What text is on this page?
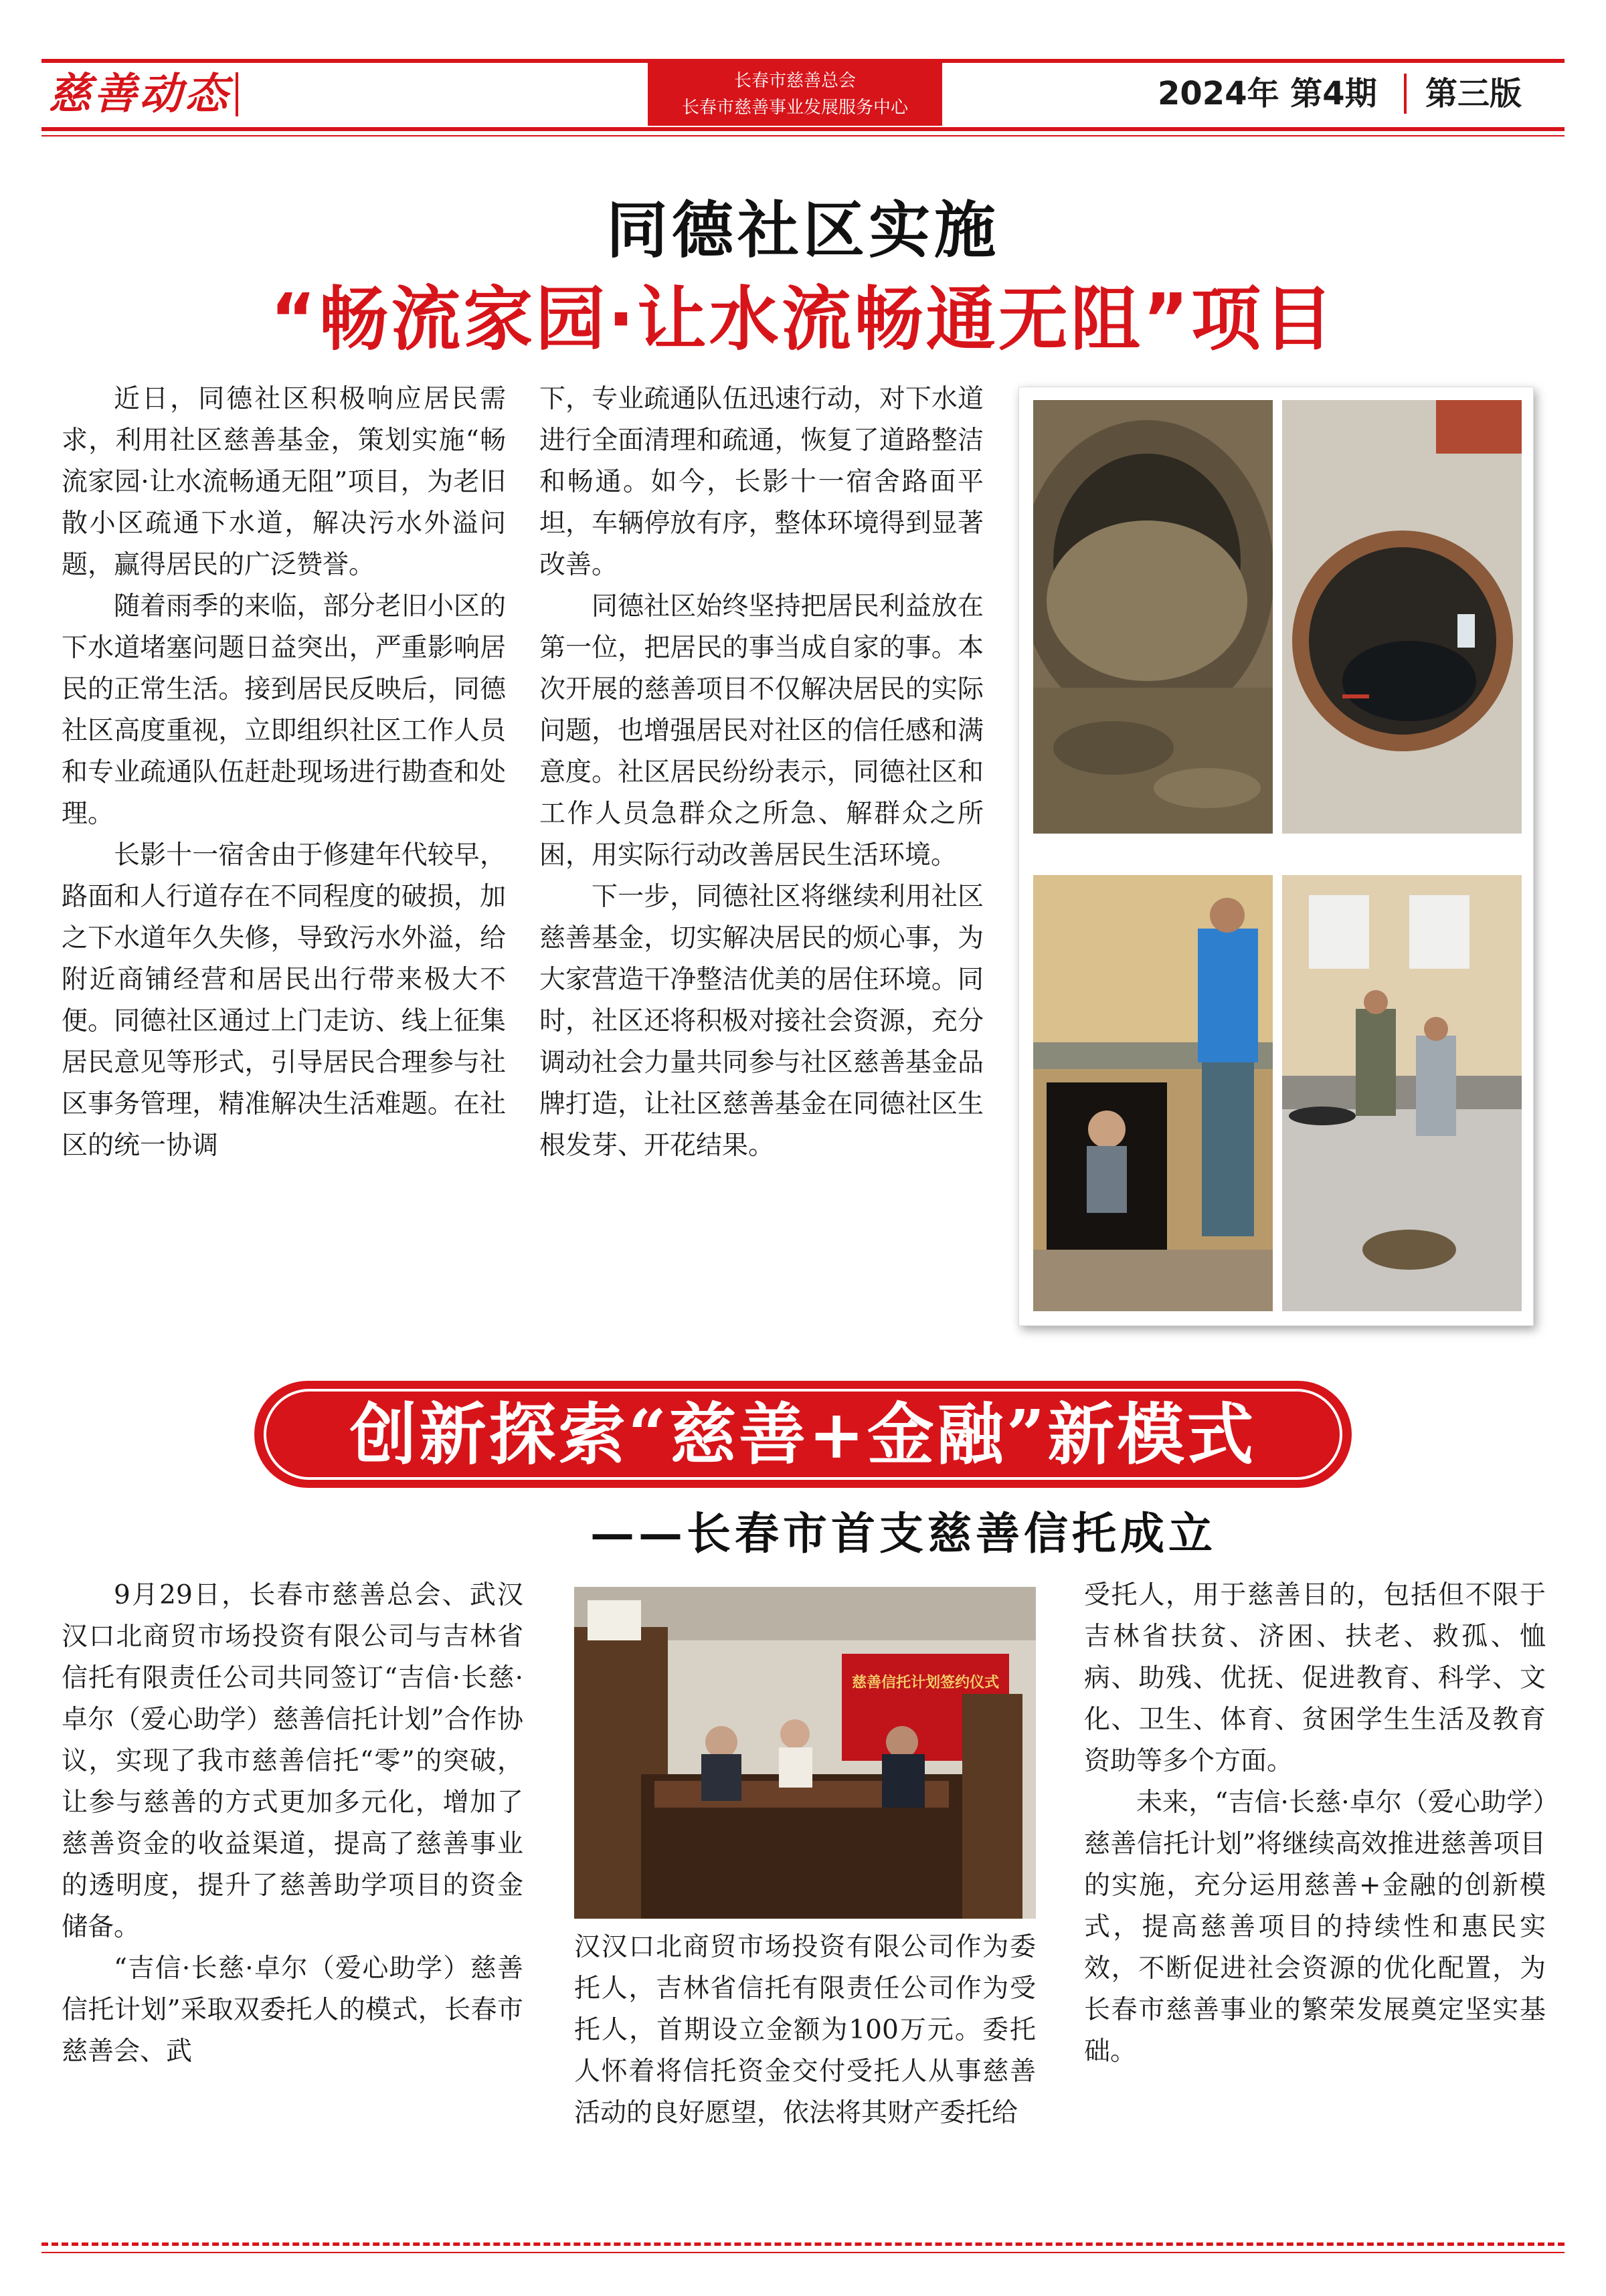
慈善动态	长春市慈善总会
长春市慈善事业发展服务中心	2024年 第4期 第三版
同德社区实施
“畅流家园·让水流畅通无阻”项目

近日，同德社区积极响应居民需求，利用社区慈善基金，策划实施“畅流家园·让水流畅通无阻”项目，为老旧散小区疏通下水道，解决污水外溢问题，赢得居民的广泛赞誉。

随着雨季的来临，部分老旧小区的下水道堵塞问题日益突出，严重影响居民的正常生活。接到居民反映后，同德社区高度重视，立即组织社区工作人员和专业疏通队伍赶赴现场进行勘查和处理。

长影十一宿舍由于修建年代较早，路面和人行道存在不同程度的破损，加之下水道年久失修，导致污水外溢，给附近商铺经营和居民出行带来极大不便。同德社区通过上门走访、线上征集居民意见等形式，引导居民合理参与社区事务管理，精准解决生活难题。在社区的统一协调

下，专业疏通队伍迅速行动，对下水道进行全面清理和疏通，恢复了道路整洁和畅通。如今，长影十一宿舍路面平坦，车辆停放有序，整体环境得到显著改善。

同德社区始终坚持把居民利益放在第一位，把居民的事当成自家的事。本次开展的慈善项目不仅解决居民的实际问题，也增强居民对社区的信任感和满意度。社区居民纷纷表示，同德社区和工作人员急群众之所急、解群众之所困，用实际行动改善居民生活环境。

下一步，同德社区将继续利用社区慈善基金，切实解决居民的烦心事，为大家营造干净整洁优美的居住环境。同时，社区还将积极对接社会资源，充分调动社会力量共同参与社区慈善基金品牌打造，让社区慈善基金在同德社区生根发芽、开花结果。

创新探索“慈善+金融”新模式
——长春市首支慈善信托成立

9月29日，长春市慈善总会、武汉汉口北商贸市场投资有限公司与吉林省信托有限责任公司共同签订“吉信·长慈·卓尔（爱心助学）慈善信托计划”合作协议，实现了我市慈善信托“零”的突破，让参与慈善的方式更加多元化，增加了慈善资金的收益渠道，提高了慈善事业的透明度，提升了慈善助学项目的资金储备。

“吉信·长慈·卓尔（爱心助学）慈善信托计划”采取双委托人的模式，长春市慈善会、武

慈善信托计划签约仪式

汉汉口北商贸市场投资有限公司作为委托人，吉林省信托有限责任公司作为受托人，首期设立金额为100万元。委托人怀着将信托资金交付受托人从事慈善活动的良好愿望，依法将其财产委托给

受托人，用于慈善目的，包括但不限于吉林省扶贫、济困、扶老、救孤、恤病、助残、优抚、促进教育、科学、文化、卫生、体育、贫困学生生活及教育资助等多个方面。

未来，“吉信·长慈·卓尔（爱心助学）慈善信托计划”将继续高效推进慈善项目的实施，充分运用慈善+金融的创新模式，提高慈善项目的持续性和惠民实效，不断促进社会资源的优化配置，为长春市慈善事业的繁荣发展奠定坚实基础。
